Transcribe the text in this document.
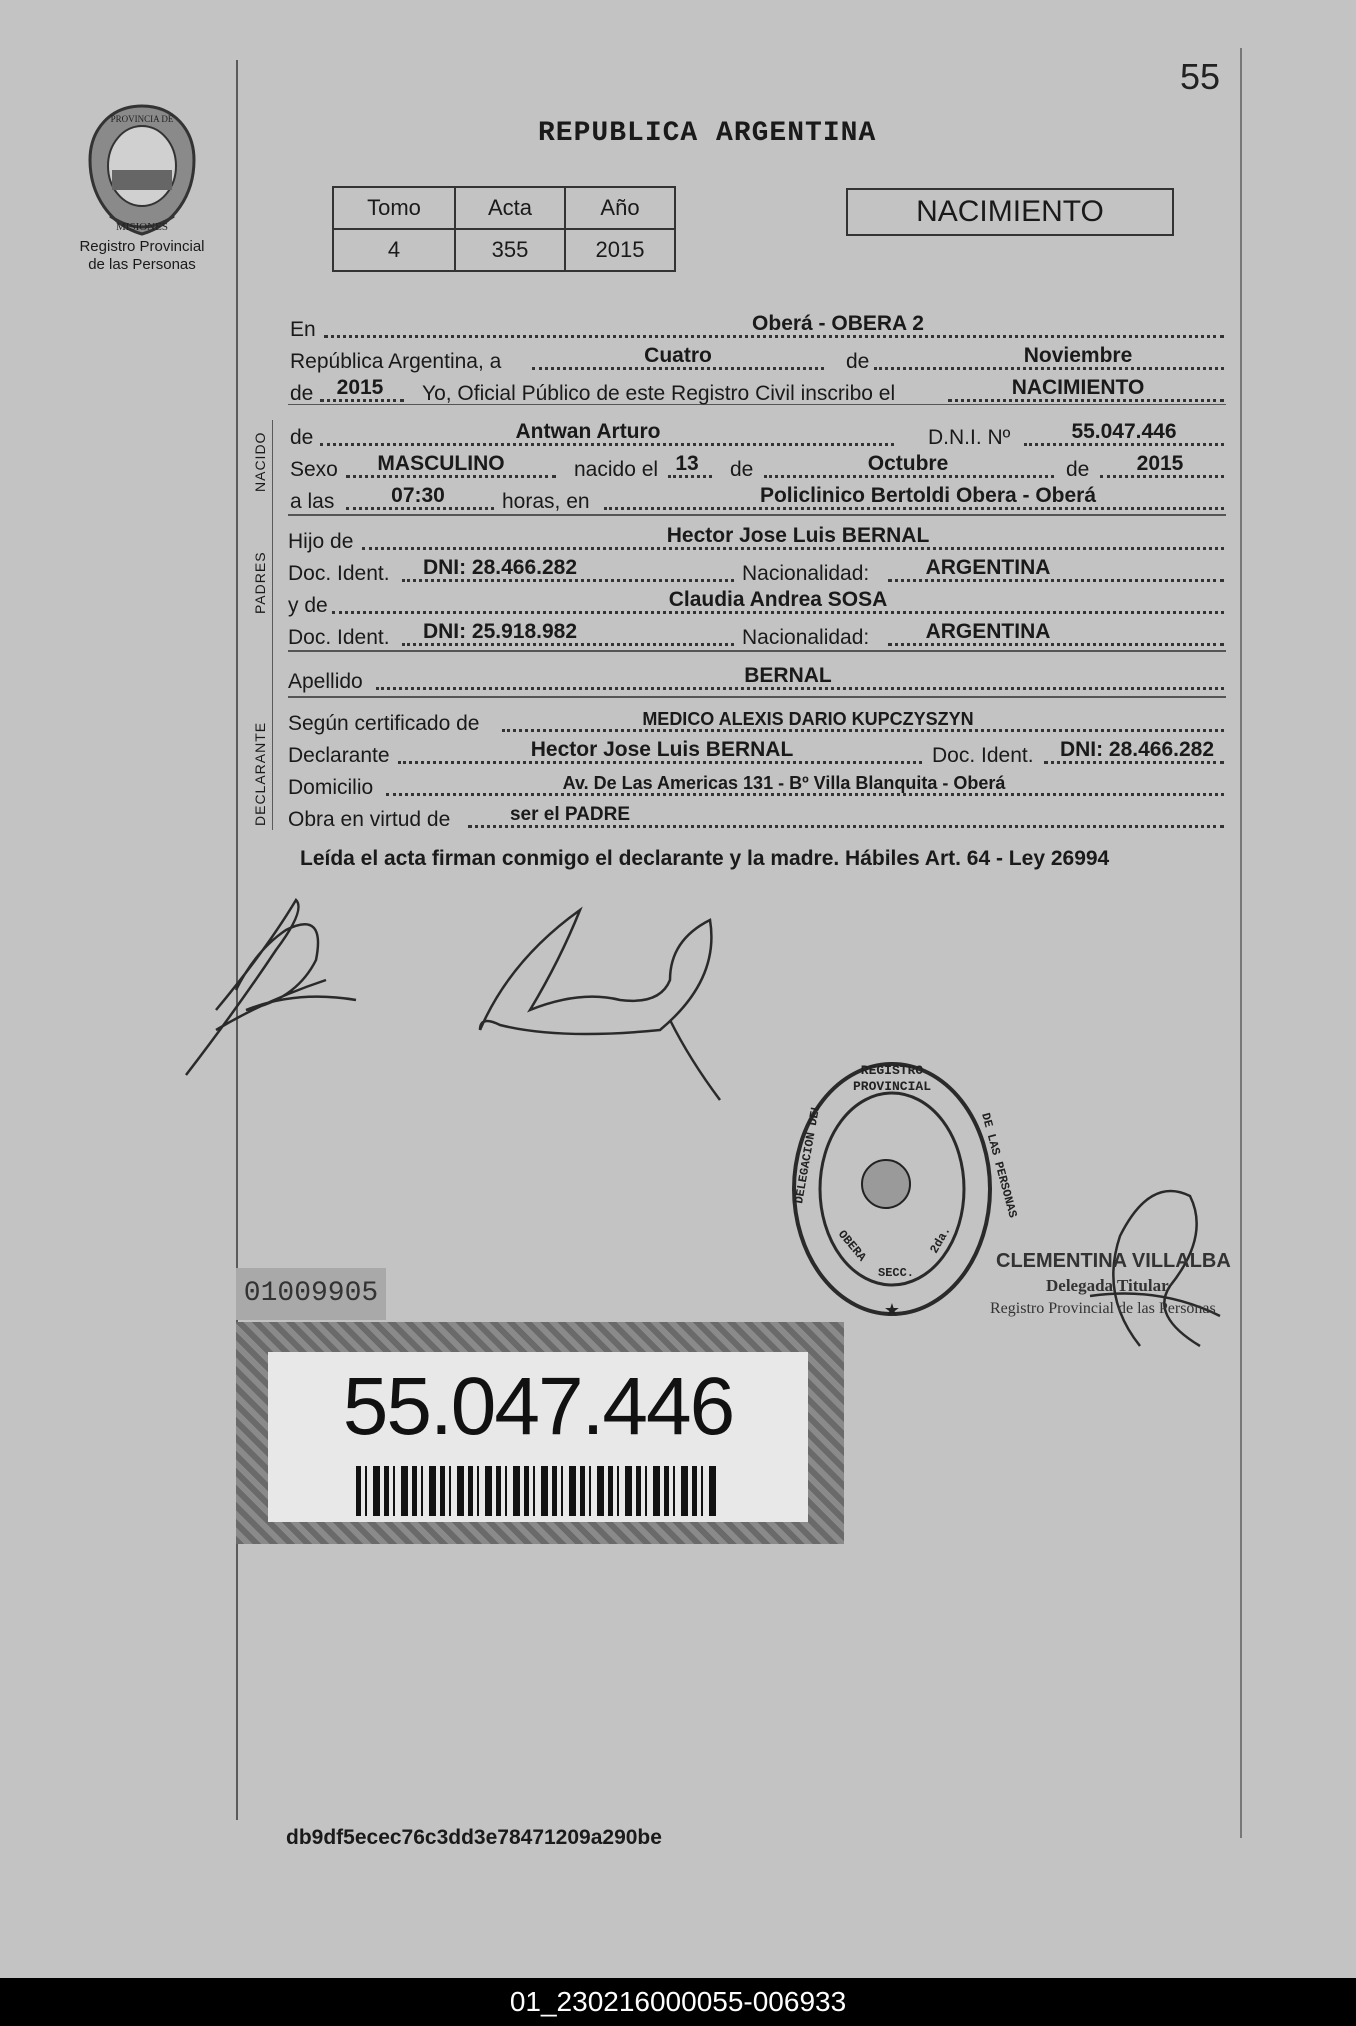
55
MISIONES
PROVINCIA DE
Registro Provincial
de las Personas
REPUBLICA ARGENTINA
Tomo	Acta	Año
4	355	2015
NACIMIENTO
NACIDO
PADRES
DECLARANTE
En	Oberá - OBERA 2
República Argentina, a	Cuatro	de	Noviembre
de	2015	Yo, Oficial Público de este Registro Civil inscribo el	NACIMIENTO
de	Antwan Arturo	D.N.I. Nº	55.047.446
Sexo	MASCULINO	nacido el 13 de	Octubre	de	2015
a las	07:30	horas, en	Policlinico Bertoldi Obera - Oberá
Hijo de	Hector Jose Luis BERNAL
Doc. Ident.	DNI: 28.466.282	Nacionalidad:	ARGENTINA
y de	Claudia Andrea SOSA
Doc. Ident.	DNI: 25.918.982	Nacionalidad:	ARGENTINA
Apellido	BERNAL
Según certificado de	MEDICO ALEXIS DARIO KUPCZYSZYN
Declarante	Hector Jose Luis BERNAL	Doc. Ident.	DNI: 28.466.282
Domicilio	Av. De Las Americas 131 - Bº Villa Blanquita - Oberá
Obra en virtud de	ser el PADRE
Leída el acta firman conmigo el declarante y la madre. Hábiles Art. 64 - Ley 26994
PROVINCIAL
REGISTRO
DELEGACION DEL	DE LAS PERSONAS
OBERA
SECC.
2da.
★
CLEMENTINA VILLALBA
Delegada Titular
Registro Provincial de las Personas
01009905
55.047.446
db9df5ecec76c3dd3e78471209a290be
01_230216000055-006933
